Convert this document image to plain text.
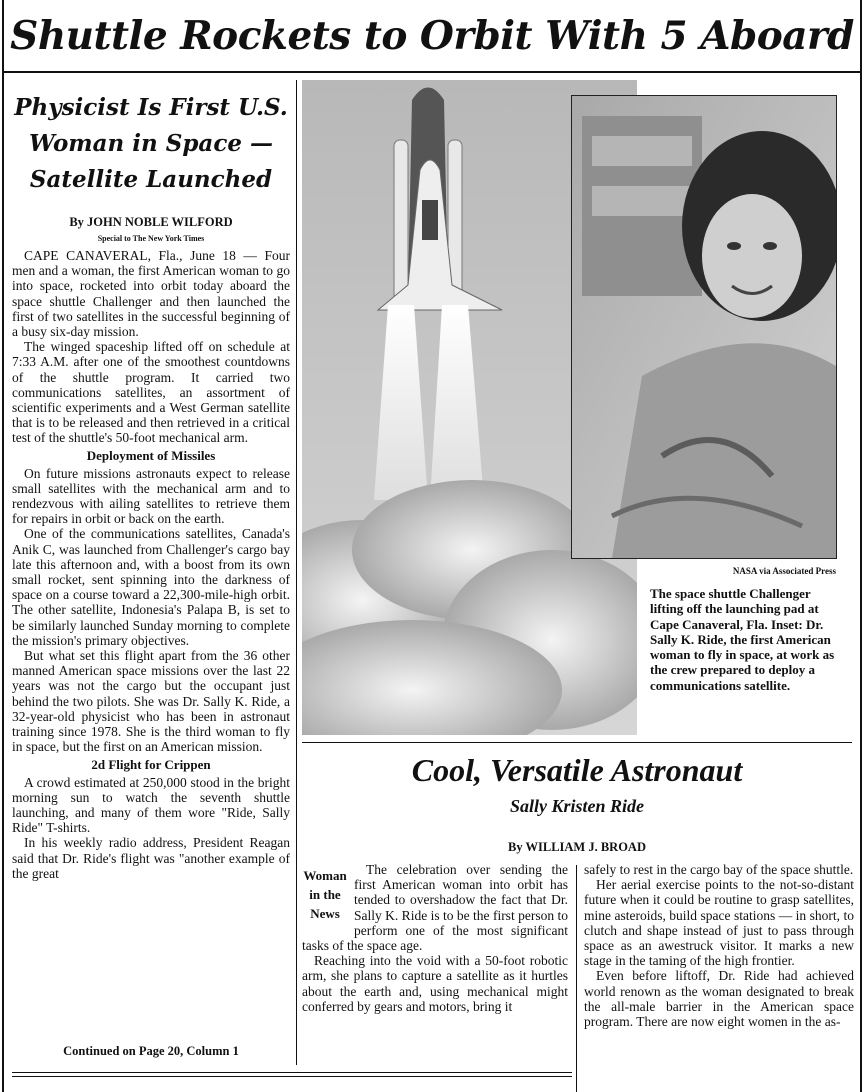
Shuttle Rockets to Orbit With 5 Aboard
Physicist Is First U.S. Woman in Space — Satellite Launched
By JOHN NOBLE WILFORD
Special to The New York Times

CAPE CANAVERAL, Fla., June 18 — Four men and a woman, the first American woman to go into space, rocketed into orbit today aboard the space shuttle Challenger and then launched the first of two satellites in the successful beginning of a busy six-day mission.

The winged spaceship lifted off on schedule at 7:33 A.M. after one of the smoothest countdowns of the shuttle program. It carried two communications satellites, an assortment of scientific experiments and a West German satellite that is to be released and then retrieved in a critical test of the shuttle's 50-foot mechanical arm.

Deployment of Missiles

On future missions astronauts expect to release small satellites with the mechanical arm and to rendezvous with ailing satellites to retrieve them for repairs in orbit or back on the earth.

One of the communications satellites, Canada's Anik C, was launched from Challenger's cargo bay late this afternoon and, with a boost from its own small rocket, sent spinning into the darkness of space on a course toward a 22,300-mile-high orbit. The other satellite, Indonesia's Palapa B, is set to be similarly launched Sunday morning to complete the mission's primary objectives.

But what set this flight apart from the 36 other manned American space missions over the last 22 years was not the cargo but the occupant just behind the two pilots. She was Dr. Sally K. Ride, a 32-year-old physicist who has been in astronaut training since 1978. She is the third woman to fly in space, but the first on an American mission.

2d Flight for Crippen

A crowd estimated at 250,000 stood in the bright morning sun to watch the seventh shuttle launching, and many of them wore "Ride, Sally Ride" T-shirts.

In his weekly radio address, President Reagan said that Dr. Ride's flight was "another example of the great

Continued on Page 20, Column 1
NASA via Associated Press
The space shuttle Challenger lifting off the launching pad at Cape Canaveral, Fla. Inset: Dr. Sally K. Ride, the first American woman to fly in space, at work as the crew prepared to deploy a communications satellite.
Cool, Versatile Astronaut
Sally Kristen Ride
By WILLIAM J. BROAD
Woman in the News

The celebration over sending the first American woman into orbit has tended to overshadow the fact that Dr. Sally K. Ride is to be the first person to perform one of the most significant tasks of the space age.

Reaching into the void with a 50-foot robotic arm, she plans to capture a satellite as it hurtles about the earth and, using mechanical might conferred by gears and motors, bring it

safely to rest in the cargo bay of the space shuttle.

Her aerial exercise points to the not-so-distant future when it could be routine to grasp satellites, mine asteroids, build space stations — in short, to clutch and shape instead of just to pass through space as an awestruck visitor. It marks a new stage in the taming of the high frontier.

Even before liftoff, Dr. Ride had achieved world renown as the woman designated to break the all-male barrier in the American space program. There are now eight women in the as-
